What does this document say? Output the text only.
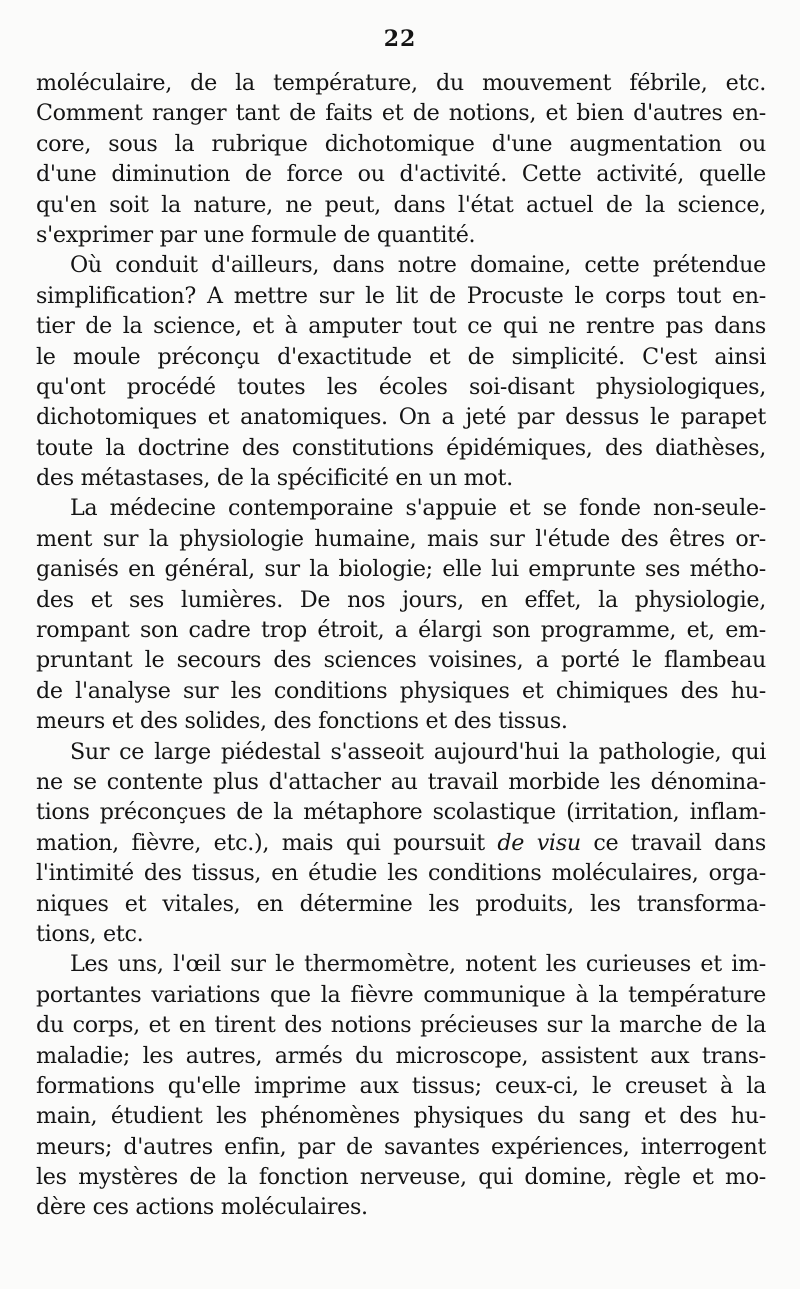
22
moléculaire, de la température, du mouvement fébrile, etc.
Comment ranger tant de faits et de notions, et bien d'autres en-
core, sous la rubrique dichotomique d'une augmentation ou
d'une diminution de force ou d'activité. Cette activité, quelle
qu'en soit la nature, ne peut, dans l'état actuel de la science,
s'exprimer par une formule de quantité.
Où conduit d'ailleurs, dans notre domaine, cette prétendue
simplification? A mettre sur le lit de Procuste le corps tout en-
tier de la science, et à amputer tout ce qui ne rentre pas dans
le moule préconçu d'exactitude et de simplicité. C'est ainsi
qu'ont procédé toutes les écoles soi-disant physiologiques,
dichotomiques et anatomiques. On a jeté par dessus le parapet
toute la doctrine des constitutions épidémiques, des diathèses,
des métastases, de la spécificité en un mot.
La médecine contemporaine s'appuie et se fonde non-seule-
ment sur la physiologie humaine, mais sur l'étude des êtres or-
ganisés en général, sur la biologie; elle lui emprunte ses métho-
des et ses lumières. De nos jours, en effet, la physiologie,
rompant son cadre trop étroit, a élargi son programme, et, em-
pruntant le secours des sciences voisines, a porté le flambeau
de l'analyse sur les conditions physiques et chimiques des hu-
meurs et des solides, des fonctions et des tissus.
Sur ce large piédestal s'asseoit aujourd'hui la pathologie, qui
ne se contente plus d'attacher au travail morbide les dénomina-
tions préconçues de la métaphore scolastique (irritation, inflam-
mation, fièvre, etc.), mais qui poursuit de visu ce travail dans
l'intimité des tissus, en étudie les conditions moléculaires, orga-
niques et vitales, en détermine les produits, les transforma-
tions, etc.
Les uns, l'œil sur le thermomètre, notent les curieuses et im-
portantes variations que la fièvre communique à la température
du corps, et en tirent des notions précieuses sur la marche de la
maladie; les autres, armés du microscope, assistent aux trans-
formations qu'elle imprime aux tissus; ceux-ci, le creuset à la
main, étudient les phénomènes physiques du sang et des hu-
meurs; d'autres enfin, par de savantes expériences, interrogent
les mystères de la fonction nerveuse, qui domine, règle et mo-
dère ces actions moléculaires.
